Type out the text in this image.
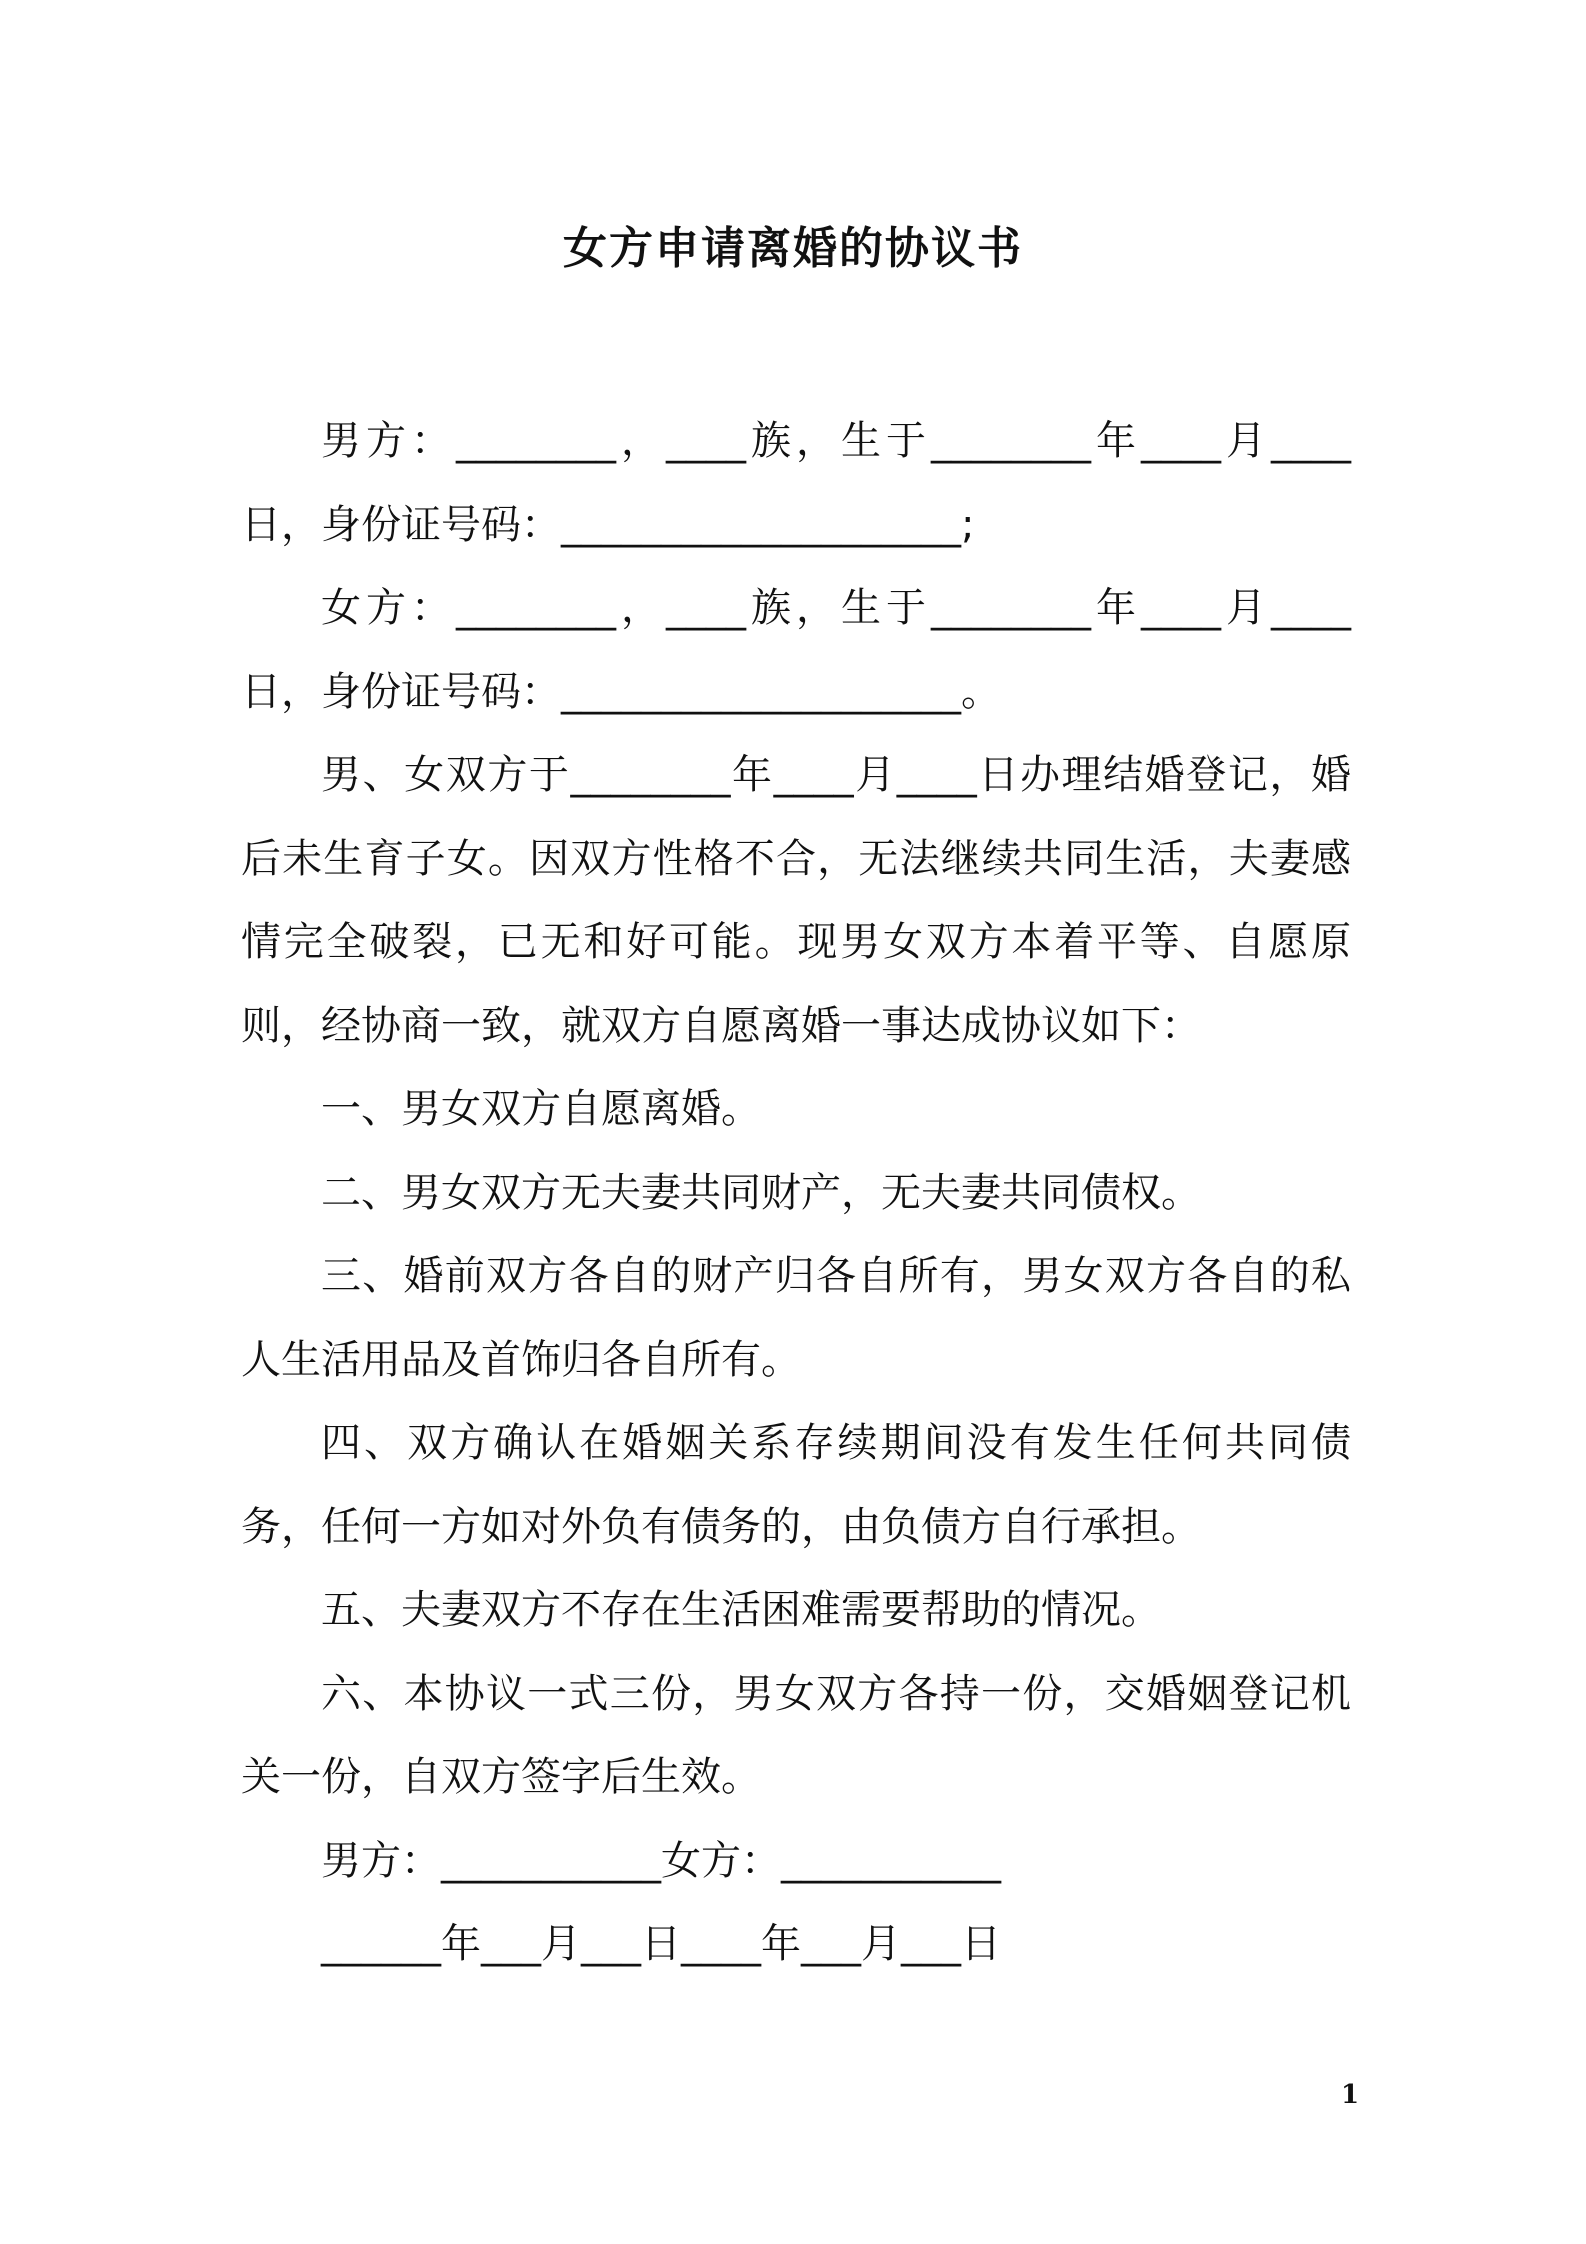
女方申请离婚的协议书

男方：________，____族，生于________年____月____日，身份证号码：____________________;

女方：________，____族，生于________年____月____日，身份证号码：____________________。

男、女双方于________年____月____日办理结婚登记，婚后未生育子女。因双方性格不合，无法继续共同生活，夫妻感情完全破裂，已无和好可能。现男女双方本着平等、自愿原则，经协商一致，就双方自愿离婚一事达成协议如下：

一、男女双方自愿离婚。

二、男女双方无夫妻共同财产，无夫妻共同债权。

三、婚前双方各自的财产归各自所有，男女双方各自的私人生活用品及首饰归各自所有。

四、双方确认在婚姻关系存续期间没有发生任何共同债务，任何一方如对外负有债务的，由负债方自行承担。

五、夫妻双方不存在生活困难需要帮助的情况。

六、本协议一式三份，男女双方各持一份，交婚姻登记机关一份，自双方签字后生效。

男方：___________女方：___________

______年___月___日____年___月___日

1
